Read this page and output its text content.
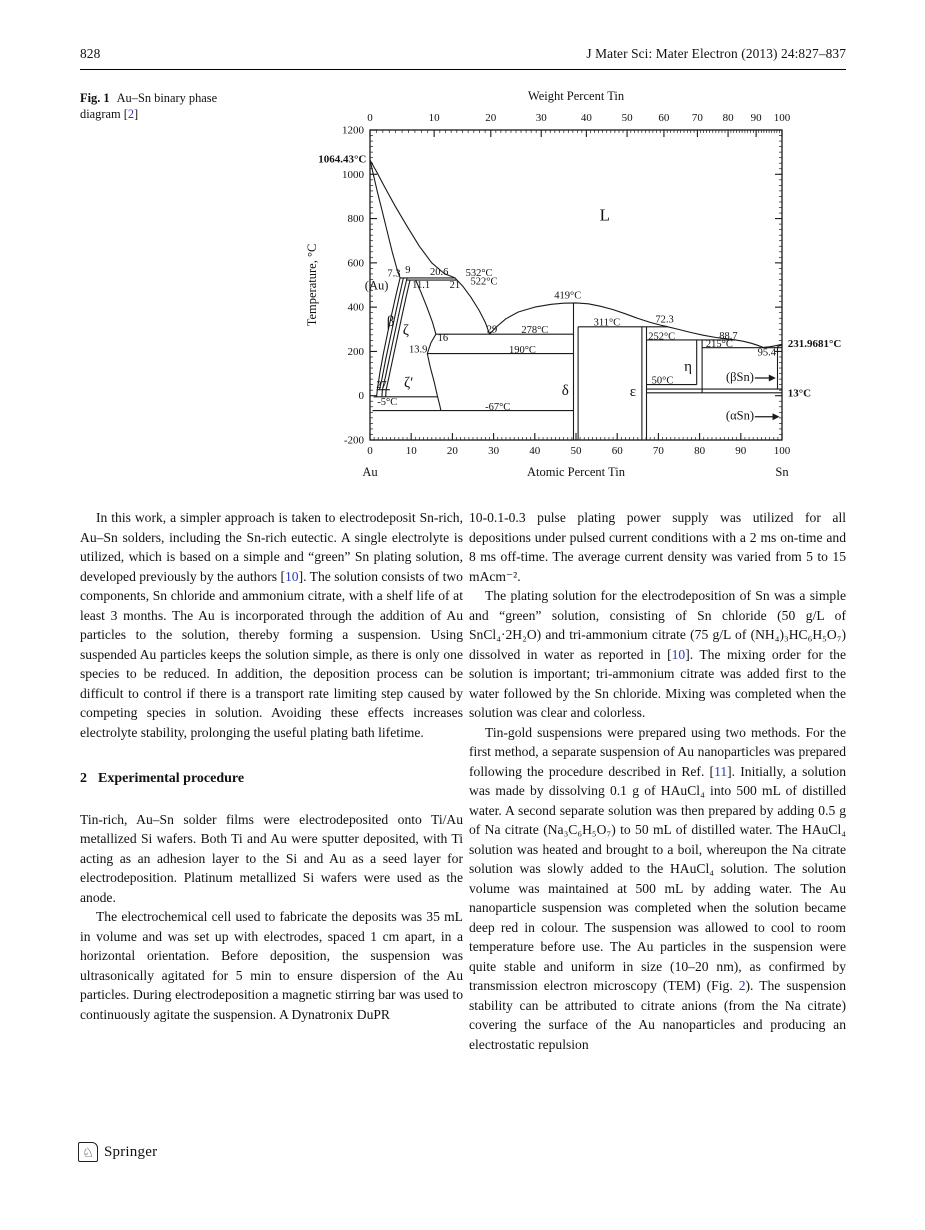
828	J Mater Sci: Mater Electron (2013) 24:827–837
Fig. 1 Au–Sn binary phase diagram [2]
0	10	20	30	40	50	60	70	80	90 100
0	10	20	30	40	50 60 70 80 90 100
-200
0
200
400
600
800
1000
1200
1064.43°C
(Au)
7.3 9 20.6 532°C
11.1 21 522°C
L
419°C
β
ζ	16
29 278°C
311°C	72.3
252°C	88.7
13.9	190°C
215°C	231.9681°C
95.4
η
(βSn)
50°C
27 ζ′
δ	ε	13°C
-5°C	-67°C
(αSn)
Weight Percent Tin
Atomic Percent Tin
Au	Sn
Temperature, °C

In this work, a simpler approach is taken to electrodeposit Sn-rich, Au–Sn solders, including the Sn-rich eutectic. A single electrolyte is utilized, which is based on a simple and “green” Sn plating solution, developed previously by the authors [10]. The solution consists of two components, Sn chloride and ammonium citrate, with a shelf life of at least 3 months. The Au is incorporated through the addition of Au particles to the solution, thereby forming a suspension. Using suspended Au particles keeps the solution simple, as there is only one species to be reduced. In addition, the deposition process can be difficult to control if there is a transport rate limiting step caused by competing species in solution. Avoiding these effects increases electrolyte stability, prolonging the useful plating bath lifetime.

2 Experimental procedure

Tin-rich, Au–Sn solder films were electrodeposited onto Ti/Au metallized Si wafers. Both Ti and Au were sputter deposited, with Ti acting as an adhesion layer to the Si and Au as a seed layer for electrodeposition. Platinum metallized Si wafers were used as the anode.

The electrochemical cell used to fabricate the deposits was 35 mL in volume and was set up with electrodes, spaced 1 cm apart, in a horizontal orientation. Before deposition, the suspension was ultrasonically agitated for 5 min to ensure dispersion of the Au particles. During electrodeposition a magnetic stirring bar was used to continuously agitate the suspension. A Dynatronix DuPR

10-0.1-0.3 pulse plating power supply was utilized for all depositions under pulsed current conditions with a 2 ms on-time and 8 ms off-time. The average current density was varied from 5 to 15 mAcm⁻².

The plating solution for the electrodeposition of Sn was a simple and “green” solution, consisting of Sn chloride (50 g/L of SnCl₄·2H₂O) and tri-ammonium citrate (75 g/L of (NH₄)₃HC₆H₅O₇) dissolved in water as reported in [10]. The mixing order for the solution is important; tri-ammonium citrate was added first to the water followed by the Sn chloride. Mixing was completed when the solution was clear and colorless.

Tin-gold suspensions were prepared using two methods. For the first method, a separate suspension of Au nanoparticles was prepared following the procedure described in Ref. [11]. Initially, a solution was made by dissolving 0.1 g of HAuCl₄ into 500 mL of distilled water. A second separate solution was then prepared by adding 0.5 g of Na citrate (Na₃C₆H₅O₇) to 50 mL of distilled water. The HAuCl₄ solution was heated and brought to a boil, whereupon the Na citrate solution was slowly added to the HAuCl₄ solution. The solution volume was maintained at 500 mL by adding water. The Au nanoparticle suspension was completed when the solution became deep red in colour. The suspension was allowed to cool to room temperature before use. The Au particles in the suspension were quite stable and uniform in size (10–20 nm), as confirmed by transmission electron microscopy (TEM) (Fig. 2). The suspension stability can be attributed to citrate anions (from the Na citrate) covering the surface of the Au nanoparticles and producing an electrostatic repulsion

♘ Springer
